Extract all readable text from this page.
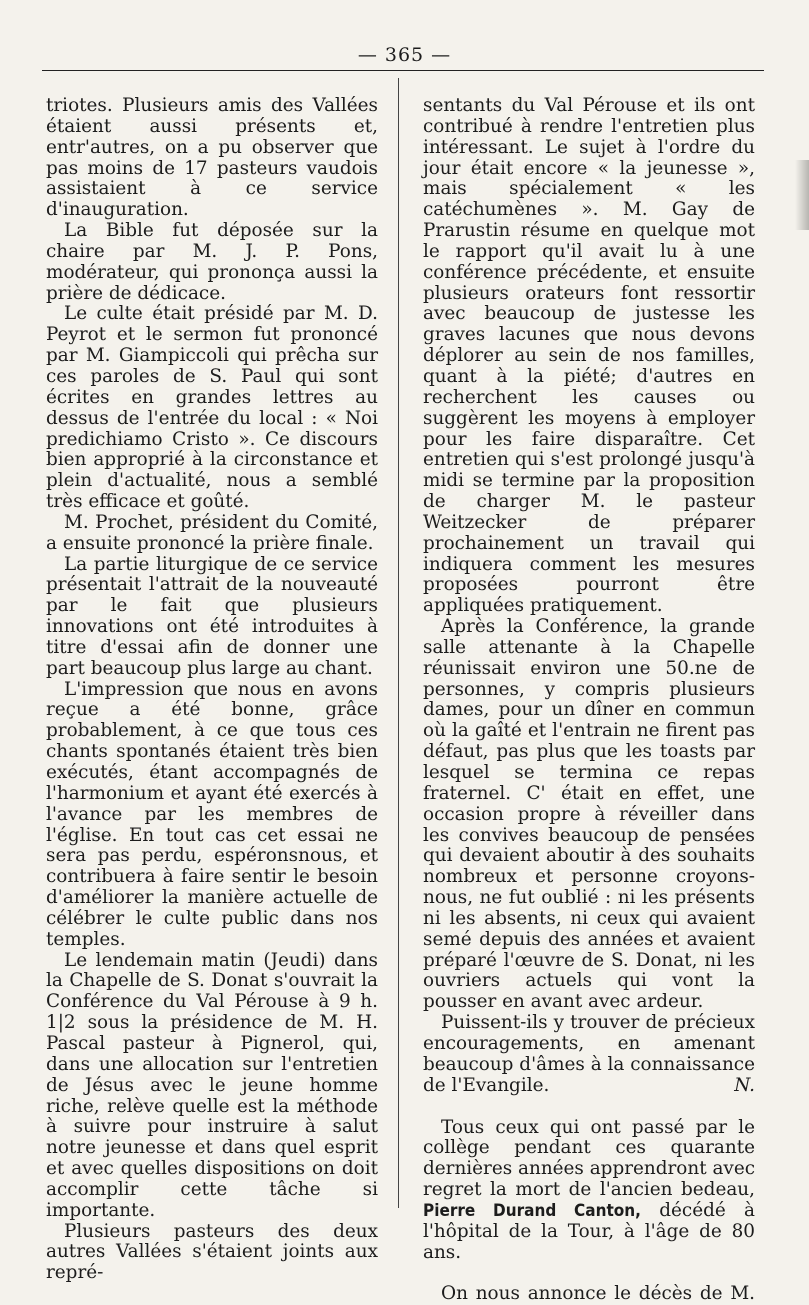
— 365 —

triotes. Plusieurs amis des Vallées étaient aussi présents et, entr'autres, on a pu observer que pas moins de 17 pasteurs vaudois assistaient à ce service d'inauguration.

La Bible fut déposée sur la chaire par M. J. P. Pons, modérateur, qui prononça aussi la prière de dédicace.

Le culte était présidé par M. D. Peyrot et le sermon fut prononcé par M. Giampiccoli qui prêcha sur ces paroles de S. Paul qui sont écrites en grandes lettres au dessus de l'entrée du local : « Noi predichiamo Cristo ». Ce discours bien approprié à la circonstance et plein d'actualité, nous a semblé très efficace et goûté.

M. Prochet, président du Comité, a ensuite prononcé la prière finale.

La partie liturgique de ce service présentait l'attrait de la nouveauté par le fait que plusieurs innovations ont été introduites à titre d'essai afin de donner une part beaucoup plus large au chant.

L'impression que nous en avons reçue a été bonne, grâce probablement, à ce que tous ces chants spontanés étaient très bien exécutés, étant accompagnés de l'harmonium et ayant été exercés à l'avance par les membres de l'église. En tout cas cet essai ne sera pas perdu, espéronsnous, et contribuera à faire sentir le besoin d'améliorer la manière actuelle de célébrer le culte public dans nos temples.

Le lendemain matin (Jeudi) dans la Chapelle de S. Donat s'ouvrait la Conférence du Val Pérouse à 9 h. 1|2 sous la présidence de M. H. Pascal pasteur à Pignerol, qui, dans une allocation sur l'entretien de Jésus avec le jeune homme riche, relève quelle est la méthode à suivre pour instruire à salut notre jeunesse et dans quel esprit et avec quelles dispositions on doit accomplir cette tâche si importante.

Plusieurs pasteurs des deux autres Vallées s'étaient joints aux repré-

sentants du Val Pérouse et ils ont contribué à rendre l'entretien plus intéressant. Le sujet à l'ordre du jour était encore « la jeunesse », mais spécialement « les catéchumènes ». M. Gay de Prarustin résume en quelque mot le rapport qu'il avait lu à une conférence précédente, et ensuite plusieurs orateurs font ressortir avec beaucoup de justesse les graves lacunes que nous devons déplorer au sein de nos familles, quant à la piété; d'autres en recherchent les causes ou suggèrent les moyens à employer pour les faire disparaître. Cet entretien qui s'est prolongé jusqu'à midi se termine par la proposition de charger M. le pasteur Weitzecker de préparer prochainement un travail qui indiquera comment les mesures proposées pourront être appliquées pratiquement.

Après la Conférence, la grande salle attenante à la Chapelle réunissait environ une 50.ne de personnes, y compris plusieurs dames, pour un dîner en commun où la gaîté et l'entrain ne firent pas défaut, pas plus que les toasts par lesquel se termina ce repas fraternel. C' était en effet, une occasion propre à réveiller dans les convives beaucoup de pensées qui devaient aboutir à des souhaits nombreux et personne croyons-nous, ne fut oublié : ni les présents ni les absents, ni ceux qui avaient semé depuis des années et avaient préparé l'œuvre de S. Donat, ni les ouvriers actuels qui vont la pousser en avant avec ardeur.

Puissent-ils y trouver de précieux encouragements, en amenant beaucoup d'âmes à la connaissance de l'Evangile.	N.

Tous ceux qui ont passé par le collège pendant ces quarante dernières années apprendront avec regret la mort de l'ancien bedeau, Pierre Durand Canton, décédé à l'hôpital de la Tour, à l'âge de 80 ans.

On nous annonce le décès de M.
